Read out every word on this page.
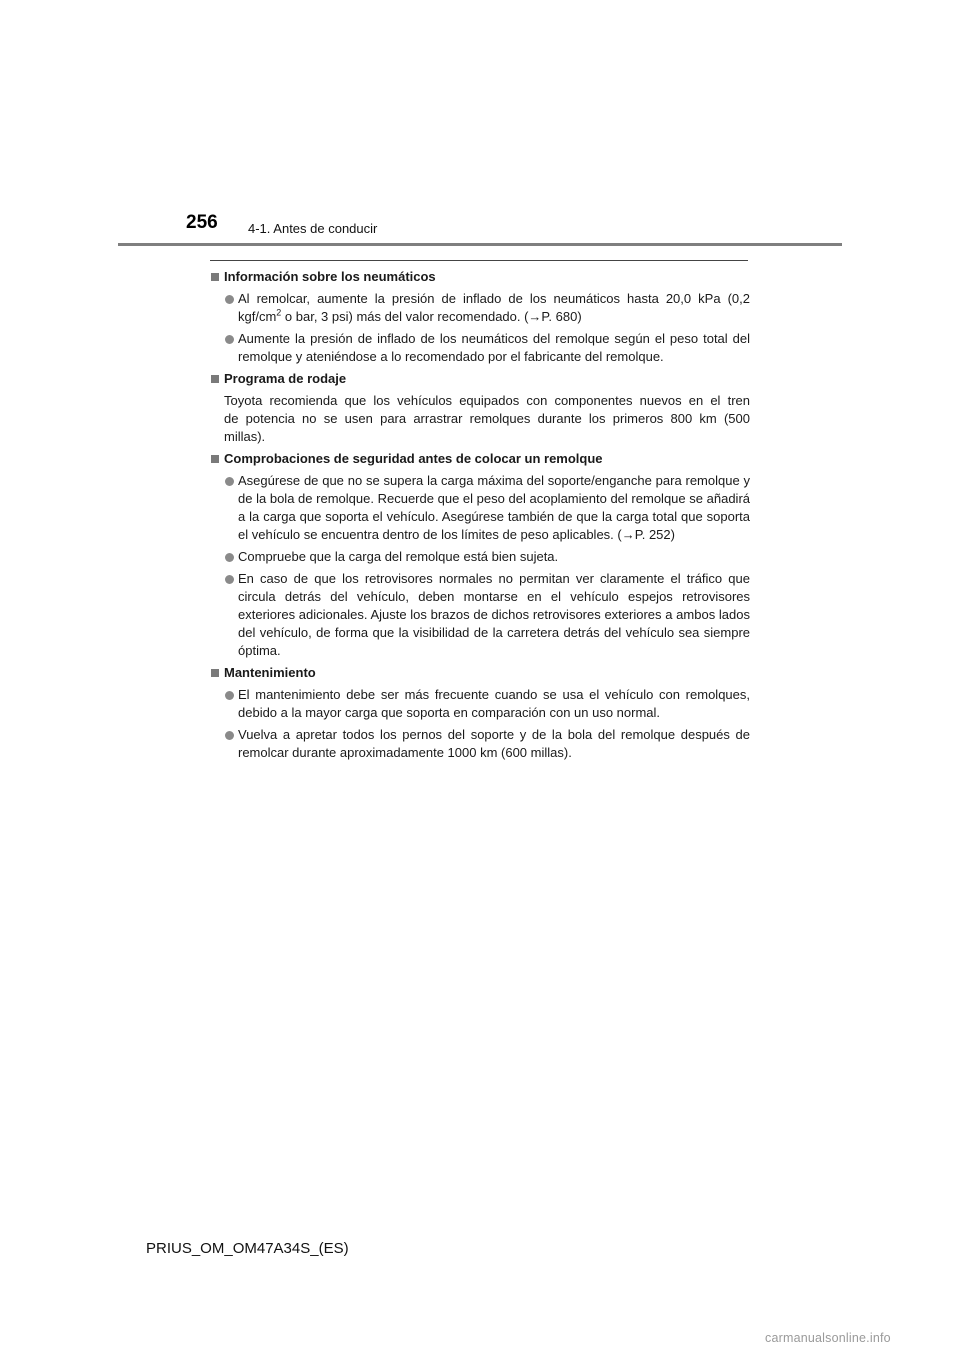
256 4-1. Antes de conducir
Información sobre los neumáticos
Al remolcar, aumente la presión de inflado de los neumáticos hasta 20,0 kPa (0,2 kgf/$cm^2$ o bar, 3 psi) más del valor recomendado. (→P. 680)
Aumente la presión de inflado de los neumáticos del remolque según el peso total del remolque y ateniéndose a lo recomendado por el fabricante del remolque.
Programa de rodaje
Toyota recomienda que los vehículos equipados con componentes nuevos en el tren de potencia no se usen para arrastrar remolques durante los primeros 800 km (500 millas).
Comprobaciones de seguridad antes de colocar un remolque
Asegúrese de que no se supera la carga máxima del soporte/enganche para remolque y de la bola de remolque. Recuerde que el peso del acoplamiento del remolque se añadirá a la carga que soporta el vehículo. Asegúrese también de que la carga total que soporta el vehículo se encuentra dentro de los límites de peso aplicables. (→P. 252)
Compruebe que la carga del remolque está bien sujeta.
En caso de que los retrovisores normales no permitan ver claramente el tráfico que circula detrás del vehículo, deben montarse en el vehículo espejos retrovisores exteriores adicionales. Ajuste los brazos de dichos retrovisores exteriores a ambos lados del vehículo, de forma que la visibilidad de la carretera detrás del vehículo sea siempre óptima.
Mantenimiento
El mantenimiento debe ser más frecuente cuando se usa el vehículo con remolques, debido a la mayor carga que soporta en comparación con un uso normal.
Vuelva a apretar todos los pernos del soporte y de la bola del remolque después de remolcar durante aproximadamente 1000 km (600 millas).
PRIUS_OM_OM47A34S_(ES)
carmanualsonline.info
